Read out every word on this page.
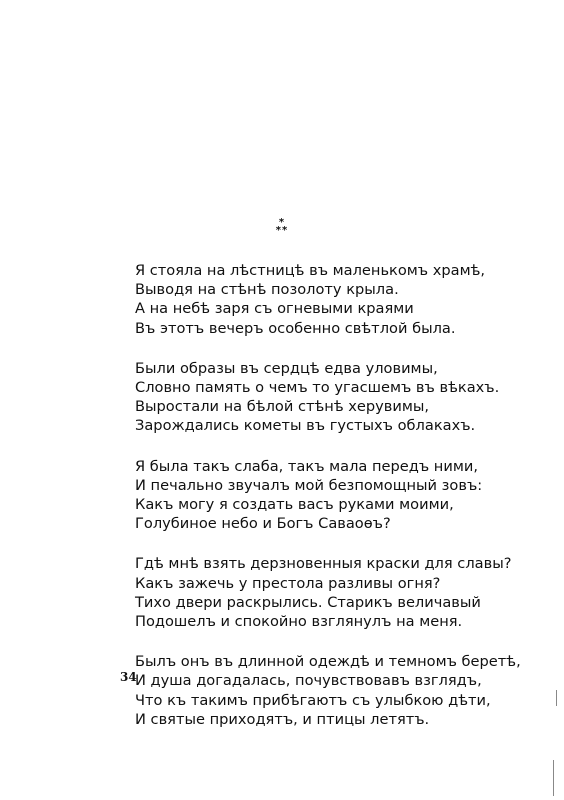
*
**
Я стояла на лѣстницѣ въ маленькомъ храмѣ,
Выводя на стѣнѣ позолоту крыла.
А на небѣ заря съ огневыми краями
Въ этотъ вечеръ особенно свѣтлой была.
Были образы въ сердцѣ едва уловимы,
Словно память о чемъ то угасшемъ въ вѣкахъ.
Выростали на бѣлой стѣнѣ херувимы,
Зарождались кометы въ густыхъ облакахъ.
Я была такъ слаба, такъ мала передъ ними,
И печально звучалъ мой безпомощный зовъ:
Какъ могу я создать васъ руками моими,
Голубиное небо и Богъ Саваоѳъ?
Гдѣ мнѣ взять дерзновенныя краски для славы?
Какъ зажечь у престола разливы огня?
Тихо двери раскрылись. Старикъ величавый
Подошелъ и спокойно взглянулъ на меня.
Былъ онъ въ длинной одеждѣ и темномъ беретѣ,
И душа догадалась, почувствовавъ взглядъ,
Что къ такимъ прибѣгаютъ съ улыбкою дѣти,
И святые приходятъ, и птицы летятъ.
34
